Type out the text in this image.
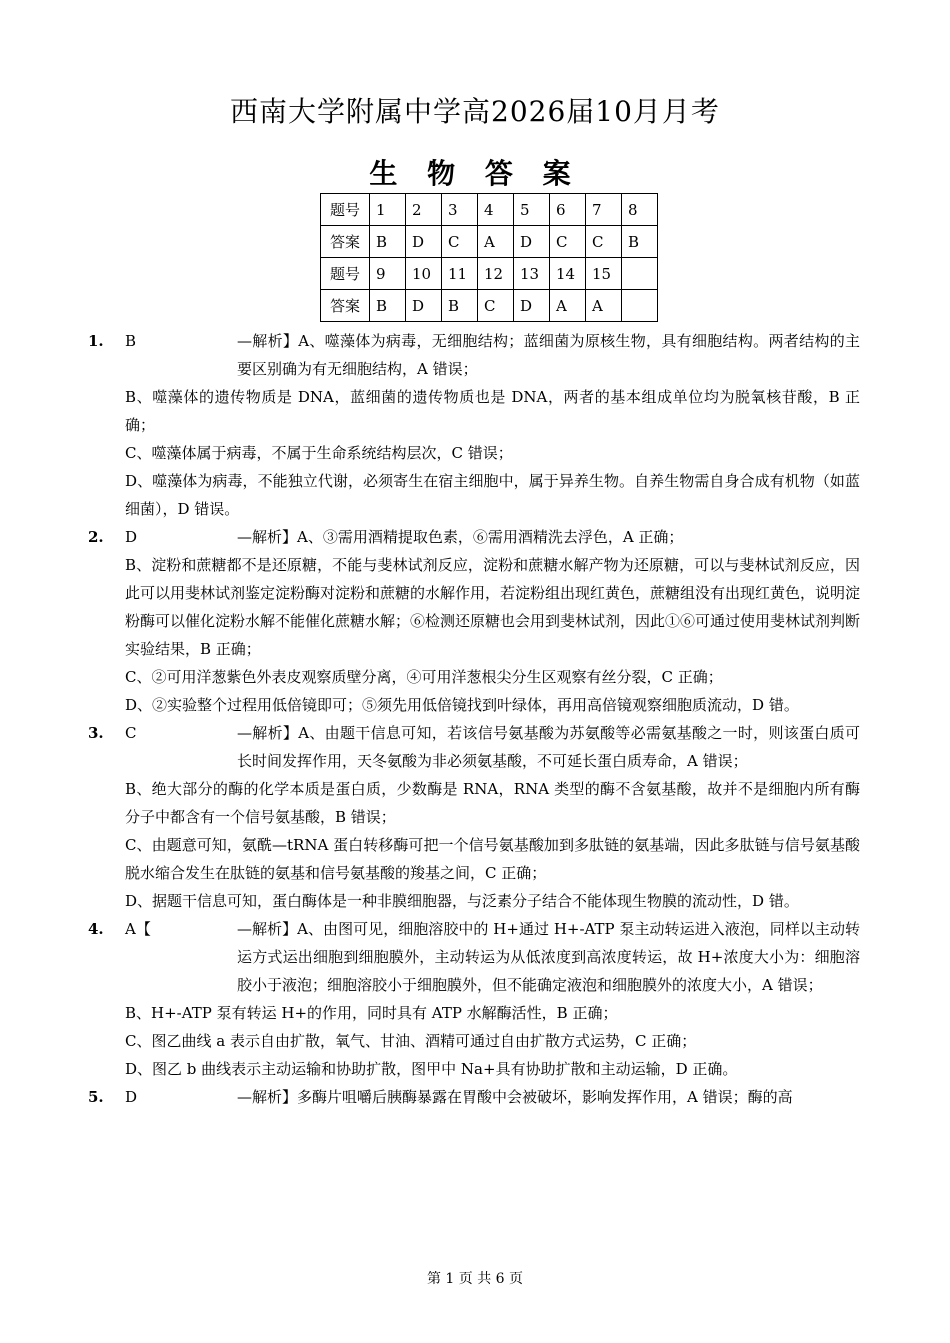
西南大学附属中学高2026届10月月考
生 物 答 案
题号	1	2	3	4	5	6	7	8
答案	B	D	C	A	D	C	C	B
题号	9	10	11	12	13	14	15	
答案	B	D	B	C	D	A	A	
1.	B	—解析】A、噬藻体为病毒，无细胞结构；蓝细菌为原核生物，具有细胞结构。两者结构的主要区别确为有无细胞结构，A 错误；
B、噬藻体的遗传物质是 DNA，蓝细菌的遗传物质也是 DNA，两者的基本组成单位均为脱氧核苷酸，B 正确；
C、噬藻体属于病毒，不属于生命系统结构层次，C 错误；
D、噬藻体为病毒，不能独立代谢，必须寄生在宿主细胞中，属于异养生物。自养生物需自身合成有机物（如蓝细菌），D 错误。
2.	D	—解析】A、③需用酒精提取色素，⑥需用酒精洗去浮色，A 正确；
B、淀粉和蔗糖都不是还原糖，不能与斐林试剂反应，淀粉和蔗糖水解产物为还原糖，可以与斐林试剂反应，因此可以用斐林试剂鉴定淀粉酶对淀粉和蔗糖的水解作用，若淀粉组出现红黄色，蔗糖组没有出现红黄色，说明淀粉酶可以催化淀粉水解不能催化蔗糖水解；⑥检测还原糖也会用到斐林试剂，因此①⑥可通过使用斐林试剂判断实验结果，B 正确；
C、②可用洋葱紫色外表皮观察质壁分离，④可用洋葱根尖分生区观察有丝分裂，C 正确；
D、②实验整个过程用低倍镜即可；⑤须先用低倍镜找到叶绿体，再用高倍镜观察细胞质流动，D 错。
3.	C	—解析】A、由题干信息可知，若该信号氨基酸为苏氨酸等必需氨基酸之一时，则该蛋白质可长时间发挥作用，天冬氨酸为非必须氨基酸，不可延长蛋白质寿命，A 错误；
B、绝大部分的酶的化学本质是蛋白质，少数酶是 RNA，RNA 类型的酶不含氨基酸，故并不是细胞内所有酶分子中都含有一个信号氨基酸，B 错误；
C、由题意可知，氨酰—tRNA 蛋白转移酶可把一个信号氨基酸加到多肽链的氨基端，因此多肽链与信号氨基酸脱水缩合发生在肽链的氨基和信号氨基酸的羧基之间，C 正确；
D、据题干信息可知，蛋白酶体是一种非膜细胞器，与泛素分子结合不能体现生物膜的流动性，D 错。
4.	A【	—解析】A、由图可见，细胞溶胶中的 H+通过 H+-ATP 泵主动转运进入液泡，同样以主动转运方式运出细胞到细胞膜外，主动转运为从低浓度到高浓度转运，故 H+浓度大小为：细胞溶胶小于液泡；细胞溶胶小于细胞膜外，但不能确定液泡和细胞膜外的浓度大小，A 错误；
B、H+-ATP 泵有转运 H+的作用，同时具有 ATP 水解酶活性，B 正确；
C、图乙曲线 a 表示自由扩散，氧气、甘油、酒精可通过自由扩散方式运势，C 正确；
D、图乙 b 曲线表示主动运输和协助扩散，图甲中 Na+具有协助扩散和主动运输，D 正确。
5.	D	—解析】多酶片咀嚼后胰酶暴露在胃酸中会被破坏，影响发挥作用，A 错误；酶的高
第 1 页 共 6 页
